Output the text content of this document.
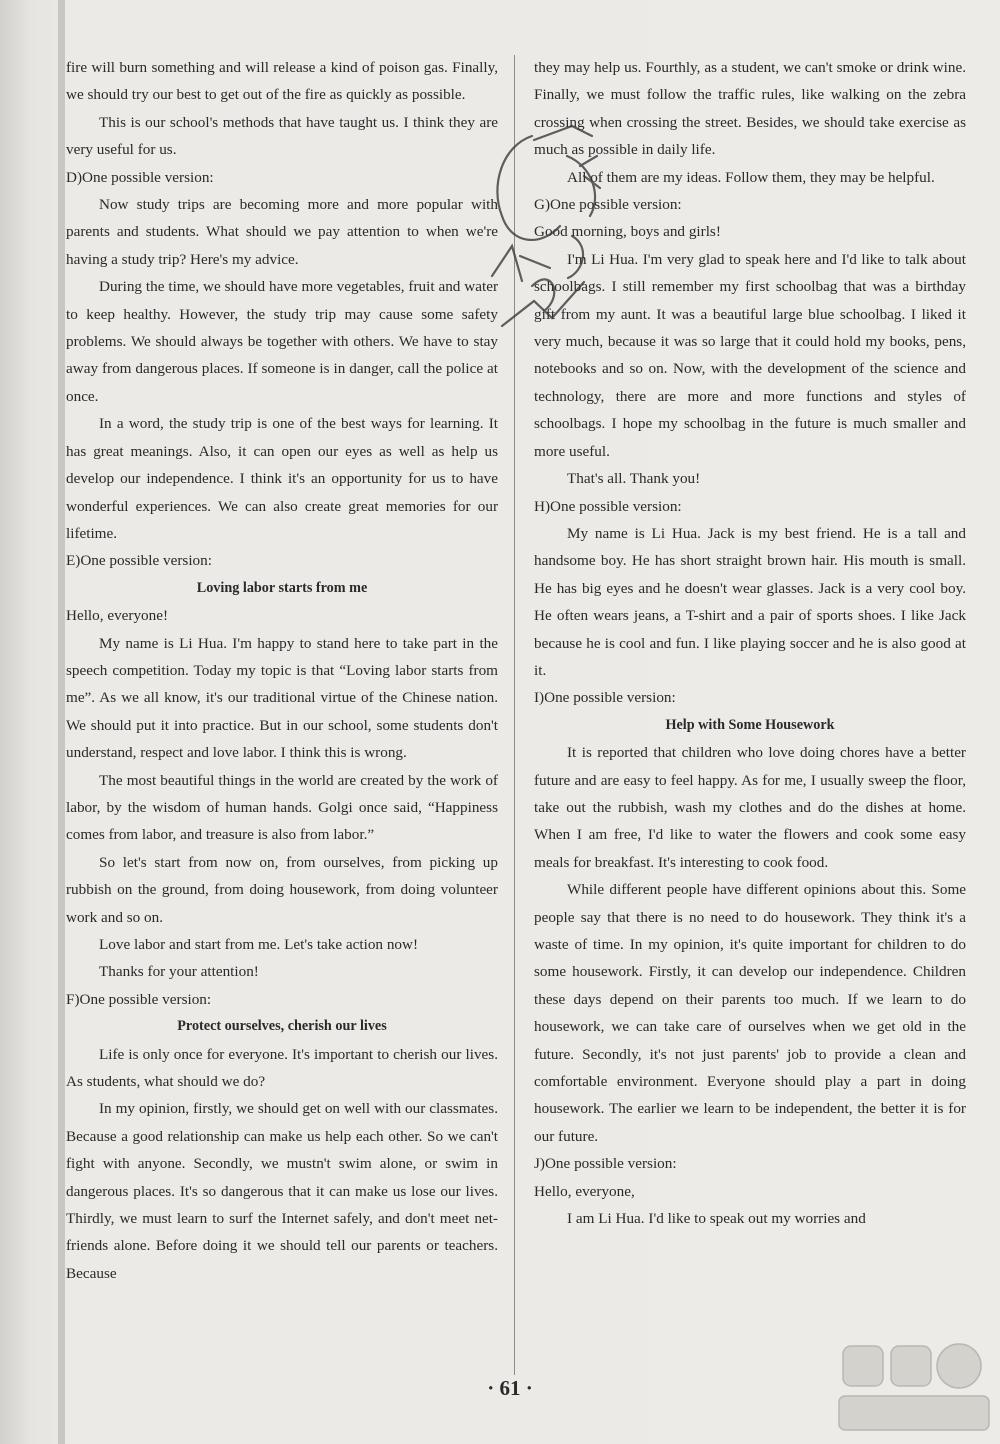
fire will burn something and will release a kind of poison gas. Finally, we should try our best to get out of the fire as quickly as possible.

This is our school's methods that have taught us. I think they are very useful for us.

D)One possible version:

Now study trips are becoming more and more popular with parents and students. What should we pay attention to when we're having a study trip? Here's my advice.

During the time, we should have more vegetables, fruit and water to keep healthy. However, the study trip may cause some safety problems. We should always be together with others. We have to stay away from dangerous places. If someone is in danger, call the police at once.

In a word, the study trip is one of the best ways for learning. It has great meanings. Also, it can open our eyes as well as help us develop our independence. I think it's an opportunity for us to have wonderful experiences. We can also create great memories for our lifetime.

E)One possible version:

Loving labor starts from me

Hello, everyone!

My name is Li Hua. I'm happy to stand here to take part in the speech competition. Today my topic is that “Loving labor starts from me”. As we all know, it's our traditional virtue of the Chinese nation. We should put it into practice. But in our school, some students don't understand, respect and love labor. I think this is wrong.

The most beautiful things in the world are created by the work of labor, by the wisdom of human hands. Golgi once said, “Happiness comes from labor, and treasure is also from labor.”

So let's start from now on, from ourselves, from picking up rubbish on the ground, from doing housework, from doing volunteer work and so on.

Love labor and start from me. Let's take action now!

Thanks for your attention!

F)One possible version:

Protect ourselves, cherish our lives

Life is only once for everyone. It's important to cherish our lives. As students, what should we do?

In my opinion, firstly, we should get on well with our classmates. Because a good relationship can make us help each other. So we can't fight with anyone. Secondly, we mustn't swim alone, or swim in dangerous places. It's so dangerous that it can make us lose our lives. Thirdly, we must learn to surf the Internet safely, and don't meet net-friends alone. Before doing it we should tell our parents or teachers. Because

they may help us. Fourthly, as a student, we can't smoke or drink wine. Finally, we must follow the traffic rules, like walking on the zebra crossing when crossing the street. Besides, we should take exercise as much as possible in daily life.

All of them are my ideas. Follow them, they may be helpful.

G)One possible version:

Good morning, boys and girls!

I'm Li Hua. I'm very glad to speak here and I'd like to talk about schoolbags. I still remember my first schoolbag that was a birthday gift from my aunt. It was a beautiful large blue schoolbag. I liked it very much, because it was so large that it could hold my books, pens, notebooks and so on. Now, with the development of the science and technology, there are more and more functions and styles of schoolbags. I hope my schoolbag in the future is much smaller and more useful.

That's all. Thank you!

H)One possible version:

My name is Li Hua. Jack is my best friend. He is a tall and handsome boy. He has short straight brown hair. His mouth is small. He has big eyes and he doesn't wear glasses. Jack is a very cool boy. He often wears jeans, a T-shirt and a pair of sports shoes. I like Jack because he is cool and fun. I like playing soccer and he is also good at it.

I)One possible version:

Help with Some Housework

It is reported that children who love doing chores have a better future and are easy to feel happy. As for me, I usually sweep the floor, take out the rubbish, wash my clothes and do the dishes at home. When I am free, I'd like to water the flowers and cook some easy meals for breakfast. It's interesting to cook food.

While different people have different opinions about this. Some people say that there is no need to do housework. They think it's a waste of time. In my opinion, it's quite important for children to do some housework. Firstly, it can develop our independence. Children these days depend on their parents too much. If we learn to do housework, we can take care of ourselves when we get old in the future. Secondly, it's not just parents' job to provide a clean and comfortable environment. Everyone should play a part in doing housework. The earlier we learn to be independent, the better it is for our future.

J)One possible version:

Hello, everyone,

I am Li Hua. I'd like to speak out my worries and

· 61 ·
